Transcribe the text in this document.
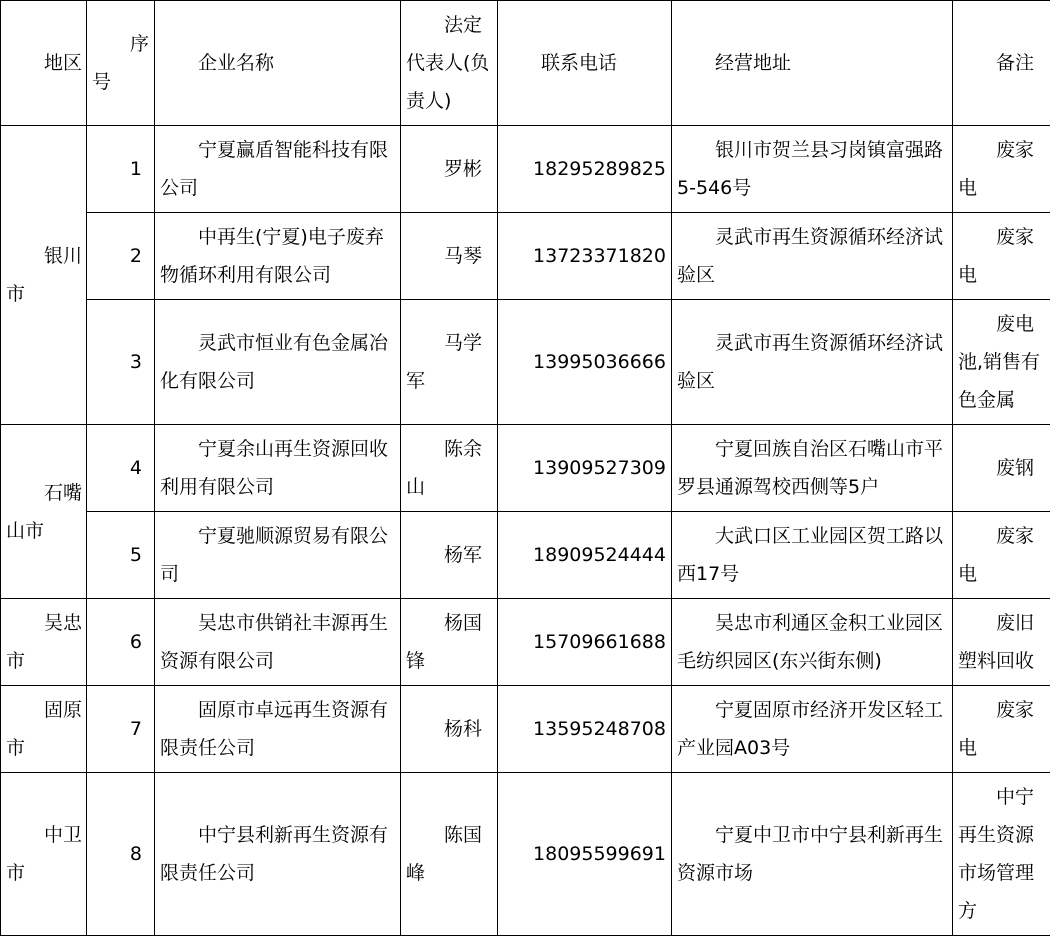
地区	序号	企业名称	法定代表人(负责人)	联系电话	经营地址	备注
银川市	1	宁夏赢盾智能科技有限公司	罗彬	18295289825	银川市贺兰县习岗镇富强路5-546号	废家电
	2	中再生(宁夏)电子废弃物循环利用有限公司	马琴	13723371820	灵武市再生资源循环经济试验区	废家电
	3	灵武市恒业有色金属冶化有限公司	马学军	13995036666	灵武市再生资源循环经济试验区	废电池,销售有色金属
石嘴山市	4	宁夏余山再生资源回收利用有限公司	陈余山	13909527309	宁夏回族自治区石嘴山市平罗县通源驾校西侧等5户	废钢
	5	宁夏驰顺源贸易有限公司	杨军	18909524444	大武口区工业园区贺工路以西17号	废家电
吴忠市	6	吴忠市供销社丰源再生资源有限公司	杨国锋	15709661688	吴忠市利通区金积工业园区毛纺织园区(东兴街东侧)	废旧塑料回收
固原市	7	固原市卓远再生资源有限责任公司	杨科	13595248708	宁夏固原市经济开发区轻工产业园A03号	废家电
中卫市	8	中宁县利新再生资源有限责任公司	陈国峰	18095599691	宁夏中卫市中宁县利新再生资源市场	中宁再生资源市场管理方
